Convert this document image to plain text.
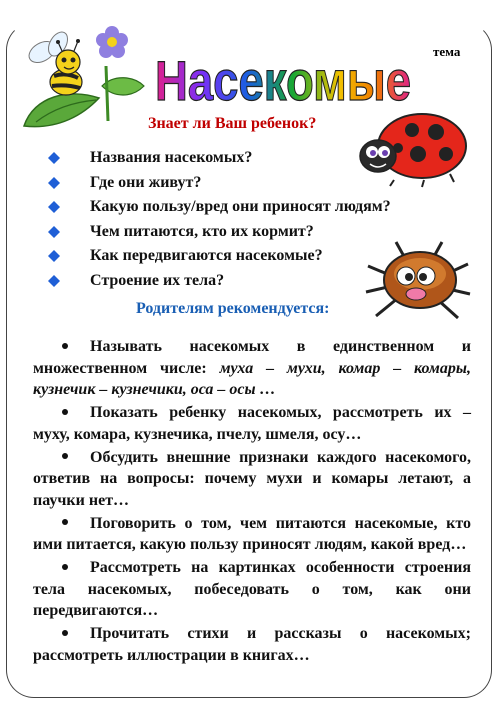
Насекомые тема
Знает ли Ваш ребенок?
Названия насекомых?
Где они живут?
Какую пользу/вред они приносят людям?
Чем питаются, кто их кормит?
Как передвигаются насекомые?
Строение их тела?
Родителям рекомендуется:
Называть насекомых в единственном и множественном числе: муха – мухи, комар – комары, кузнечик – кузнечики, оса – осы …
Показать ребенку насекомых, рассмотреть их – муху, комара, кузнечика, пчелу, шмеля, осу…
Обсудить внешние признаки каждого насекомого, ответив на вопросы: почему мухи и комары летают, а паучки нет…
Поговорить о том, чем питаются насекомые, кто ими питается, какую пользу приносят людям, какой вред…
Рассмотреть на картинках особенности строения тела насекомых, побеседовать о том, как они передвигаются…
Прочитать стихи и рассказы о насекомых; рассмотреть иллюстрации в книгах…
